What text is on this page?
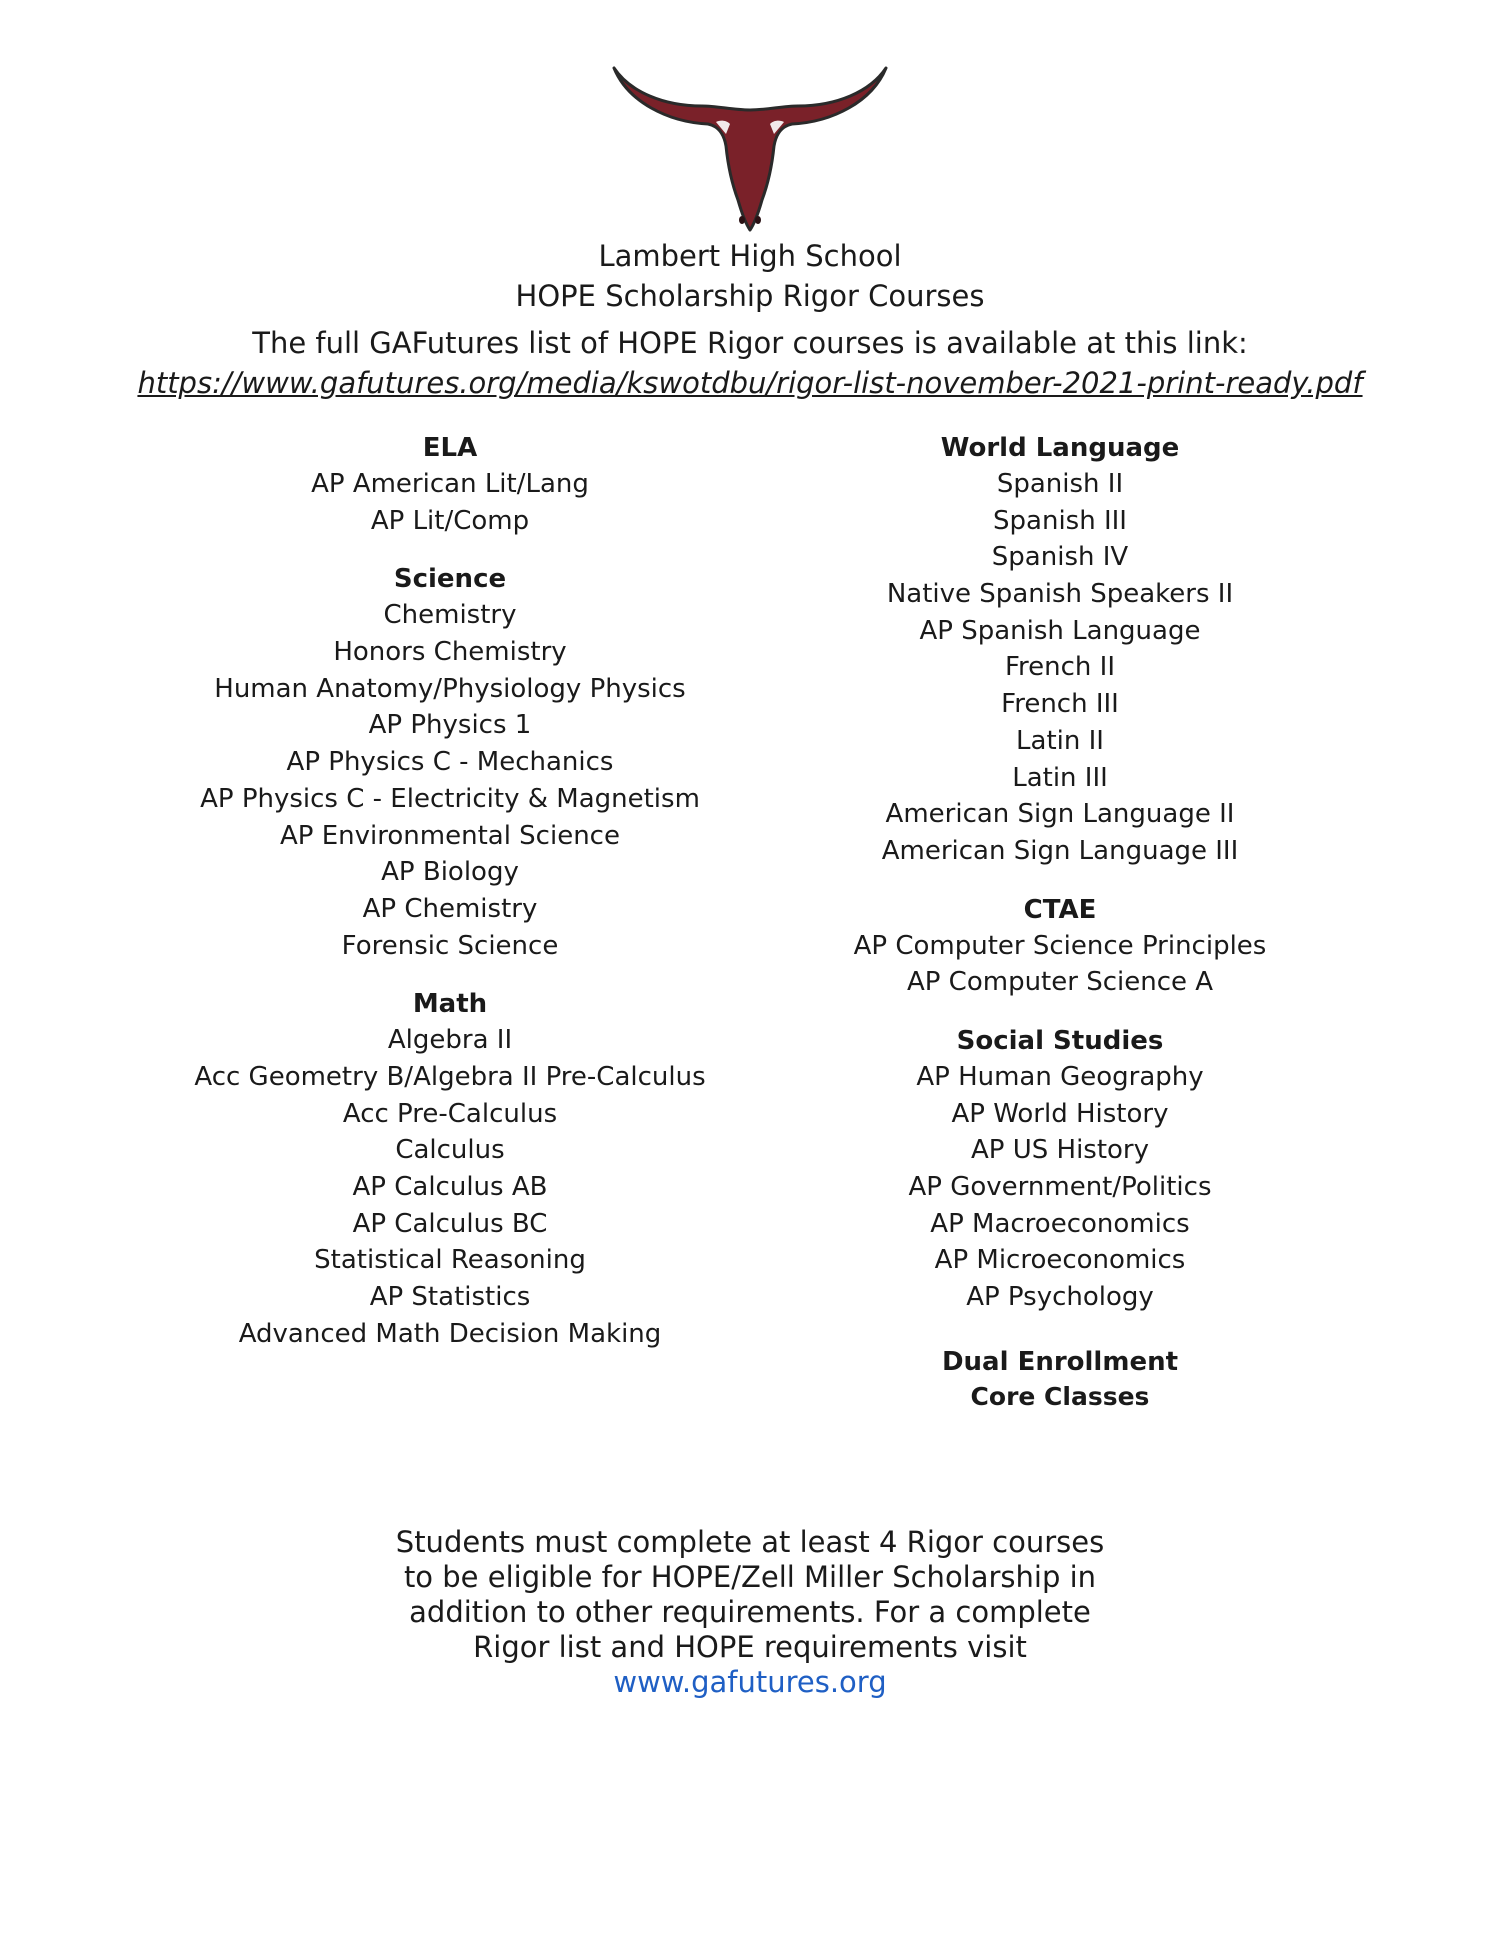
Lambert High School
HOPE Scholarship Rigor Courses
The full GAFutures list of HOPE Rigor courses is available at this link:
https://www.gafutures.org/media/kswotdbu/rigor-list-november-2021-print-ready.pdf
ELA
AP American Lit/Lang
AP Lit/Comp
Science
Chemistry
Honors Chemistry
Human Anatomy/Physiology Physics
AP Physics 1
AP Physics C - Mechanics
AP Physics C - Electricity & Magnetism
AP Environmental Science
AP Biology
AP Chemistry
Forensic Science
Math
Algebra II
Acc Geometry B/Algebra II Pre-Calculus
Acc Pre-Calculus
Calculus
AP Calculus AB
AP Calculus BC
Statistical Reasoning
AP Statistics
Advanced Math Decision Making
World Language
Spanish II
Spanish III
Spanish IV
Native Spanish Speakers II
AP Spanish Language
French II
French III
Latin II
Latin III
American Sign Language II
American Sign Language III
CTAE
AP Computer Science Principles
AP Computer Science A
Social Studies
AP Human Geography
AP World History
AP US History
AP Government/Politics
AP Macroeconomics
AP Microeconomics
AP Psychology
Dual Enrollment
Core Classes
Students must complete at least 4 Rigor courses
to be eligible for HOPE/Zell Miller Scholarship in
addition to other requirements. For a complete
Rigor list and HOPE requirements visit
www.gafutures.org
